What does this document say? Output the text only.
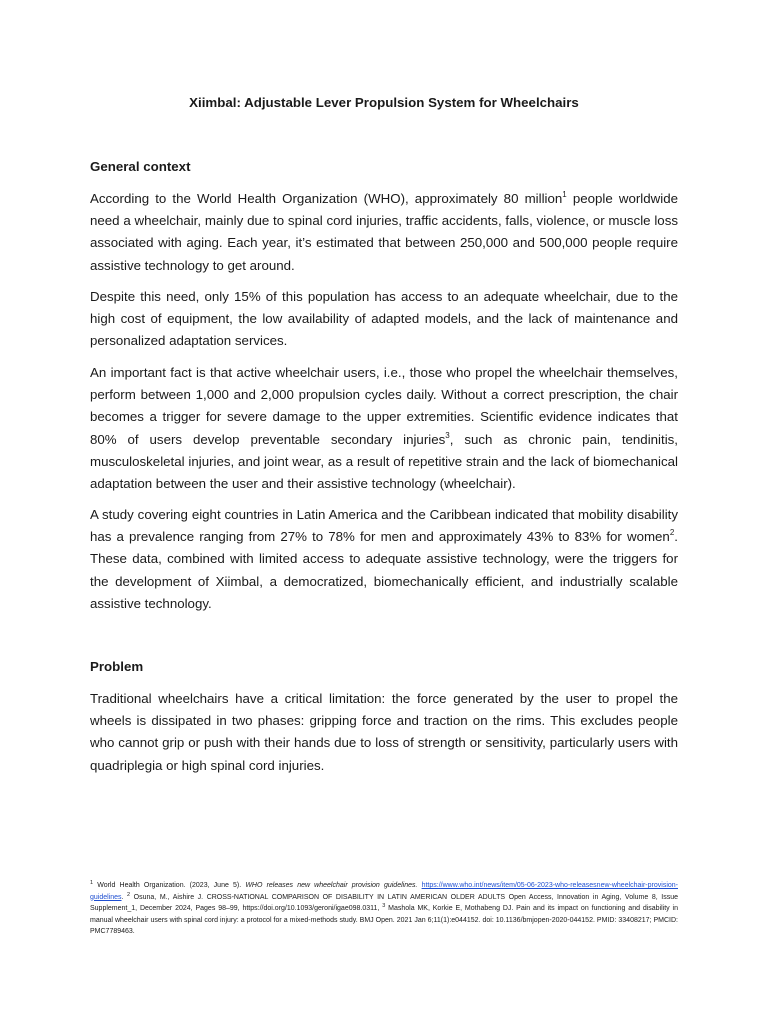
Xiimbal: Adjustable Lever Propulsion System for Wheelchairs
General context

According to the World Health Organization (WHO), approximately 80 million$^1$ people worldwide need a wheelchair, mainly due to spinal cord injuries, traffic accidents, falls, violence, or muscle loss associated with aging. Each year, it’s estimated that between 250,000 and 500,000 people require assistive technology to get around.

Despite this need, only 15% of this population has access to an adequate wheelchair, due to the high cost of equipment, the low availability of adapted models, and the lack of maintenance and personalized adaptation services.

An important fact is that active wheelchair users, i.e., those who propel the wheelchair themselves, perform between 1,000 and 2,000 propulsion cycles daily. Without a correct prescription, the chair becomes a trigger for severe damage to the upper extremities. Scientific evidence indicates that 80% of users develop preventable secondary injuries$^3$, such as chronic pain, tendinitis, musculoskeletal injuries, and joint wear, as a result of repetitive strain and the lack of biomechanical adaptation between the user and their assistive technology (wheelchair).

A study covering eight countries in Latin America and the Caribbean indicated that mobility disability has a prevalence ranging from 27% to 78% for men and approximately 43% to 83% for women$^2$. These data, combined with limited access to adequate assistive technology, were the triggers for the development of Xiimbal, a democratized, biomechanically efficient, and industrially scalable assistive technology.

Problem

Traditional wheelchairs have a critical limitation: the force generated by the user to propel the wheels is dissipated in two phases: gripping force and traction on the rims. This excludes people who cannot grip or push with their hands due to loss of strength or sensitivity, particularly users with quadriplegia or high spinal cord injuries.

$^1$ World Health Organization. (2023, June 5). WHO releases new wheelchair provision guidelines. https://www.who.int/news/item/05-06-2023-who-releasesnew-wheelchair-provision-guidelines. $^2$ Osuna, M., Aishire J. CROSS-NATIONAL COMPARISON OF DISABILITY IN LATIN AMERICAN OLDER ADULTS Open Access, Innovation in Aging, Volume 8, Issue Supplement_1, December 2024, Pages 98–99, https://doi.org/10.1093/geroni/igae098.0311, $^3$ Mashola MK, Korkie E, Mothabeng DJ. Pain and its impact on functioning and disability in manual wheelchair users with spinal cord injury: a protocol for a mixed-methods study. BMJ Open. 2021 Jan 6;11(1):e044152. doi: 10.1136/bmjopen-2020-044152. PMID: 33408217; PMCID: PMC7789463.
